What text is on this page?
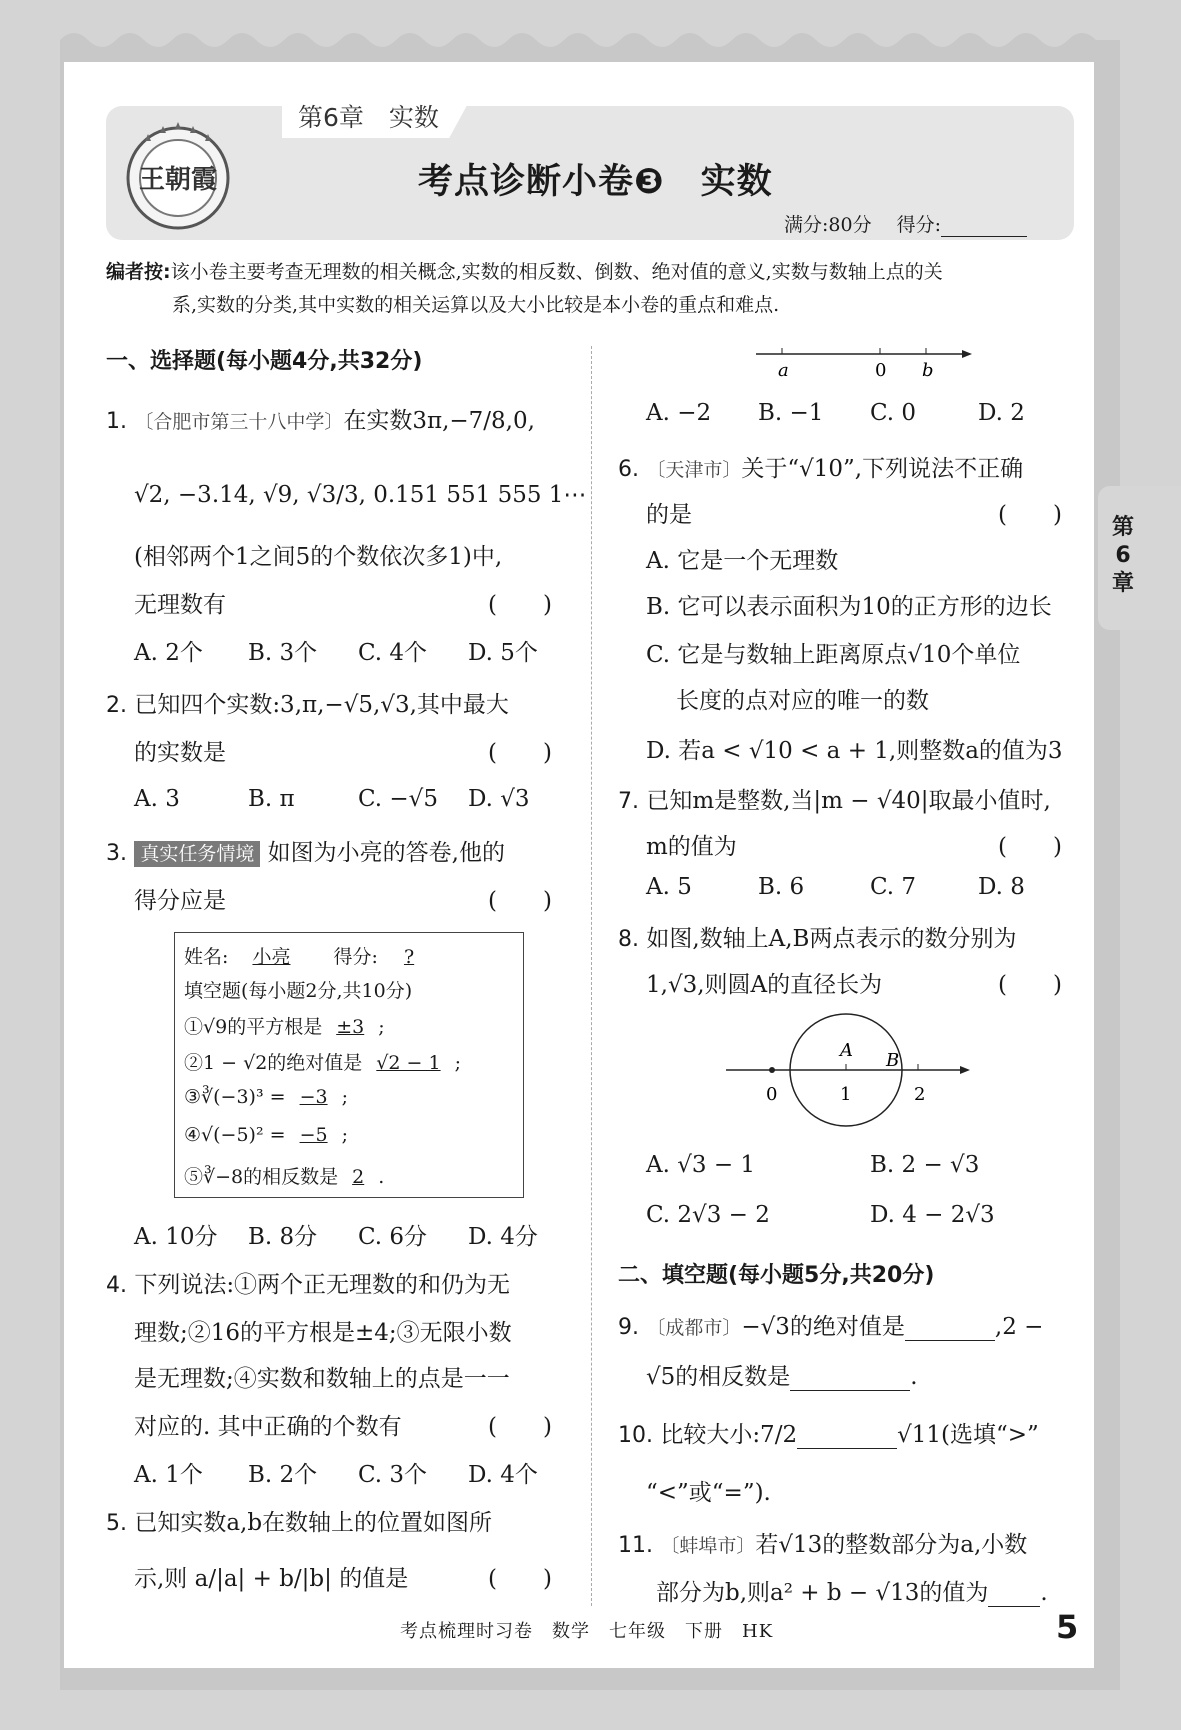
王朝霞
第6章　实数
考点诊断小卷❸　实数
满分:80分　 得分:
编者按:该小卷主要考查无理数的相关概念,实数的相反数、倒数、绝对值的意义,实数与数轴上点的关
系,实数的分类,其中实数的相关运算以及大小比较是本小卷的重点和难点.
一、选择题(每小题4分,共32分)
1. 〔合肥市第三十八中学〕在实数3π,−7/8,0,
√2, −3.14, √9, √3/3, 0.151 551 555 1⋯
(相邻两个1之间5的个数依次多1)中,
无理数有	(　　)
A. 2个 B. 3个 C. 4个 D. 5个
2. 已知四个实数:3,π,−√5,√3,其中最大
的实数是	(　　)
A. 3	B. π	C. −√5 D. √3
3. 真实任务情境 如图为小亮的答卷,他的
得分应是	(　　)
姓名: 小亮　 得分: ?
填空题(每小题2分,共10分)
①√9的平方根是 ±3 ;
②1 − √2的绝对值是 √2 − 1 ;
③∛(−3)³ = −3 ;
④√(−5)² = −5 ;
⑤∛−8的相反数是 2 .
A. 10分 B. 8分 C. 6分 D. 4分
4. 下列说法:①两个正无理数的和仍为无
理数;②16的平方根是±4;③无限小数
是无理数;④实数和数轴上的点是一一
对应的. 其中正确的个数有	(　　)
A. 1个 B. 2个 C. 3个 D. 4个
5. 已知实数a,b在数轴上的位置如图所
示,则 a/|a| + b/|b| 的值是	(　　)
a	0 b
A. −2 B. −1 C. 0	D. 2
6. 〔天津市〕关于“√10”,下列说法不正确
的是	(　　)
A. 它是一个无理数
B. 它可以表示面积为10的正方形的边长
C. 它是与数轴上距离原点√10个单位
长度的点对应的唯一的数
D. 若a < √10 < a + 1,则整数a的值为3
7. 已知m是整数,当|m − √40|取最小值时,
m的值为	(　　)
A. 5	B. 6	C. 7	D. 8
8. 如图,数轴上A,B两点表示的数分别为
1,√3,则圆A的直径长为	(　　)
0	1	2
A B
A. √3 − 1	B. 2 − √3
C. 2√3 − 2	D. 4 − 2√3
二、填空题(每小题5分,共20分)
9. 〔成都市〕−√3的绝对值是	,2 −
√5的相反数是	.
10. 比较大小:7/2	√11(选填“>”
“<”或“=”).
11. 〔蚌埠市〕若√13的整数部分为a,小数
部分为b,则a² + b − √13的值为 .
第6章
考点梳理时习卷　数学　七年级　下册　HK	5
